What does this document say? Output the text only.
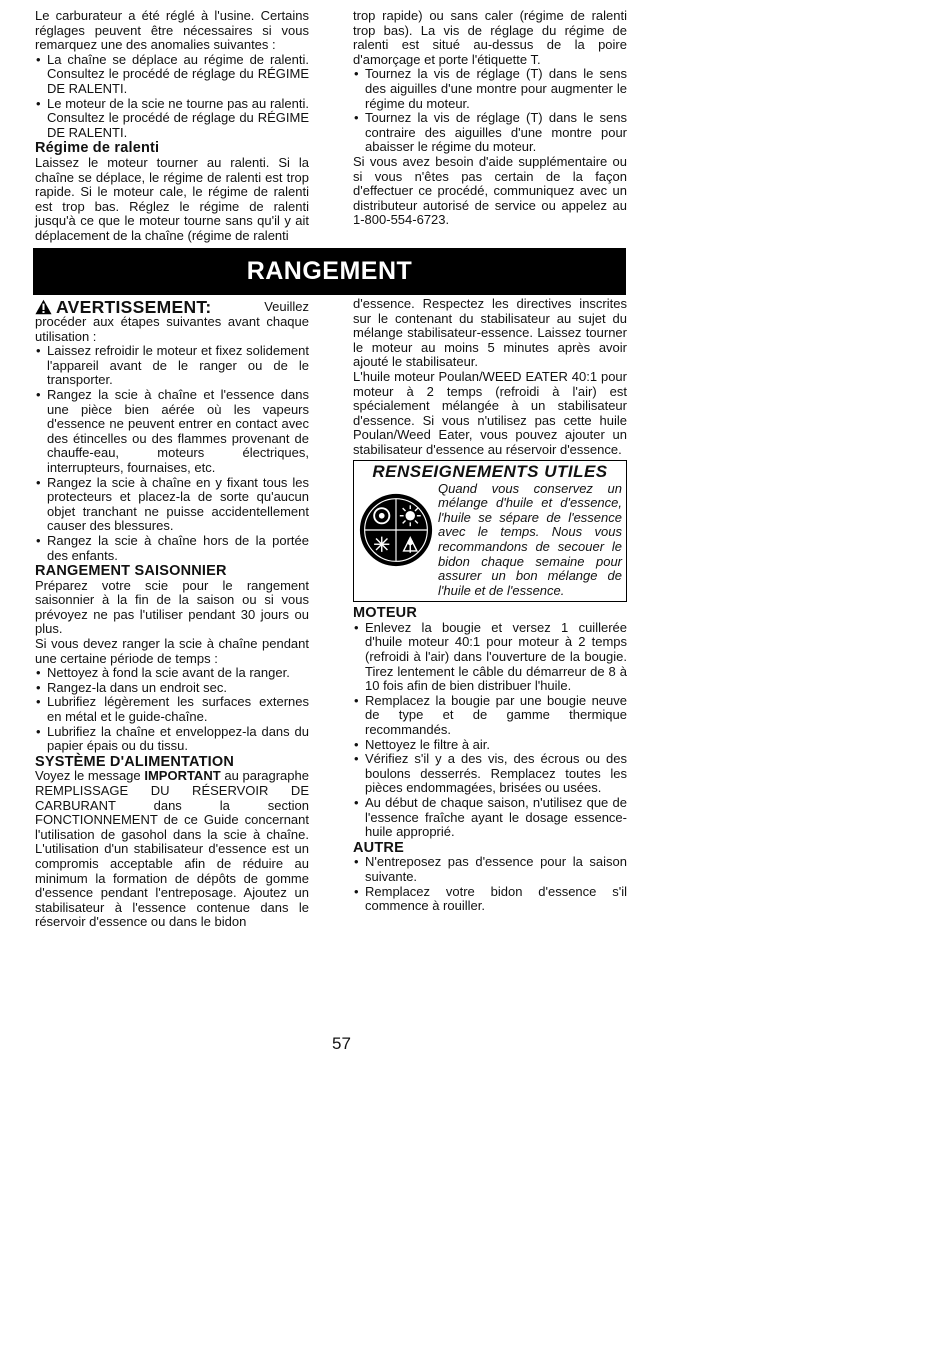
Le carburateur a été réglé à l'usine. Certains réglages peuvent être nécessaires si vous remarquez une des anomalies suivantes :

• La chaîne se déplace au régime de ralenti. Consultez le procédé de réglage du RÉGIME DE RALENTI.
• Le moteur de la scie ne tourne pas au ralenti. Consultez le procédé de réglage du RÉGIME DE RALENTI.
Régime de ralenti

Laissez le moteur tourner au ralenti. Si la chaîne se déplace, le régime de ralenti est trop rapide. Si le moteur cale, le régime de ralenti est trop bas. Réglez le régime de ralenti jusqu'à ce que le moteur tourne sans qu'il y ait déplacement de la chaîne (régime de ralenti

trop rapide) ou sans caler (régime de ralenti trop bas). La vis de réglage du régime de ralenti est situé au-dessus de la poire d'amorçage et porte l'étiquette T.

• Tournez la vis de réglage (T) dans le sens des aiguilles d'une montre pour augmenter le régime du moteur.
• Tournez la vis de réglage (T) dans le sens contraire des aiguilles d'une montre pour abaisser le régime du moteur.

Si vous avez besoin d'aide supplémentaire ou si vous n'êtes pas certain de la façon d'effectuer ce procédé, communiquez avec un distributeur autorisé de service ou appelez au 1-800-554-6723.

RANGEMENT
AVERTISSEMENT:	Veuillez

procéder aux étapes suivantes avant chaque utilisation :

• Laissez refroidir le moteur et fixez solidement l'appareil avant de le ranger ou de le transporter.
• Rangez la scie à chaîne et l'essence dans une pièce bien aérée où les vapeurs d'essence ne peuvent entrer en contact avec des étincelles ou des flammes provenant de chauffe-eau, moteurs électriques, interrupteurs, fournaises, etc.
• Rangez la scie à chaîne en y fixant tous les protecteurs et placez-la de sorte qu'aucun objet tranchant ne puisse accidentellement causer des blessures.
• Rangez la scie à chaîne hors de la portée des enfants.
RANGEMENT SAISONNIER

Préparez votre scie pour le rangement saisonnier à la fin de la saison ou si vous prévoyez ne pas l'utiliser pendant 30 jours ou plus.

Si vous devez ranger la scie à chaîne pendant une certaine période de temps :

• Nettoyez à fond la scie avant de la ranger.
• Rangez-la dans un endroit sec.
• Lubrifiez légèrement les surfaces externes en métal et le guide-chaîne.
• Lubrifiez la chaîne et enveloppez-la dans du papier épais ou du tissu.
SYSTÈME D'ALIMENTATION

Voyez le message IMPORTANT au paragraphe REMPLISSAGE DU RÉSERVOIR DE CARBURANT dans la section FONCTIONNEMENT de ce Guide concernant l'utilisation de gasohol dans la scie à chaîne. L'utilisation d'un stabilisateur d'essence est un compromis acceptable afin de réduire au minimum la formation de dépôts de gomme d'essence pendant l'entreposage. Ajoutez un stabilisateur à l'essence contenue dans le réservoir d'essence ou dans le bidon

d'essence. Respectez les directives inscrites sur le contenant du stabilisateur au sujet du mélange stabilisateur-essence. Laissez tourner le moteur au moins 5 minutes après avoir ajouté le stabilisateur.

L'huile moteur Poulan/WEED EATER 40:1 pour moteur à 2 temps (refroidi à l'air) est spécialement mélangée à un stabilisateur d'essence. Si vous n'utilisez pas cette huile Poulan/Weed Eater, vous pouvez ajouter un stabilisateur d'essence au réservoir d'essence.

RENSEIGNEMENTS UTILES
Quand vous conservez un mélange d'huile et d'essence, l'huile se sépare de l'essence avec le temps. Nous vous recommandons de secouer le bidon chaque semaine pour assurer un bon mélange de l'huile et de l'essence.
MOTEUR
• Enlevez la bougie et versez 1 cuillerée d'huile moteur 40:1 pour moteur à 2 temps (refroidi à l'air) dans l'ouverture de la bougie. Tirez lentement le câble du démarreur de 8 à 10 fois afin de bien distribuer l'huile.
• Remplacez la bougie par une bougie neuve de type et de gamme thermique recommandés.
• Nettoyez le filtre à air.
• Vérifiez s'il y a des vis, des écrous ou des boulons desserrés. Remplacez toutes les pièces endommagées, brisées ou usées.
• Au début de chaque saison, n'utilisez que de l'essence fraîche ayant le dosage essence-huile approprié.
AUTRE
• N'entreposez pas d'essence pour la saison suivante.
• Remplacez votre bidon d'essence s'il commence à rouiller.
57
